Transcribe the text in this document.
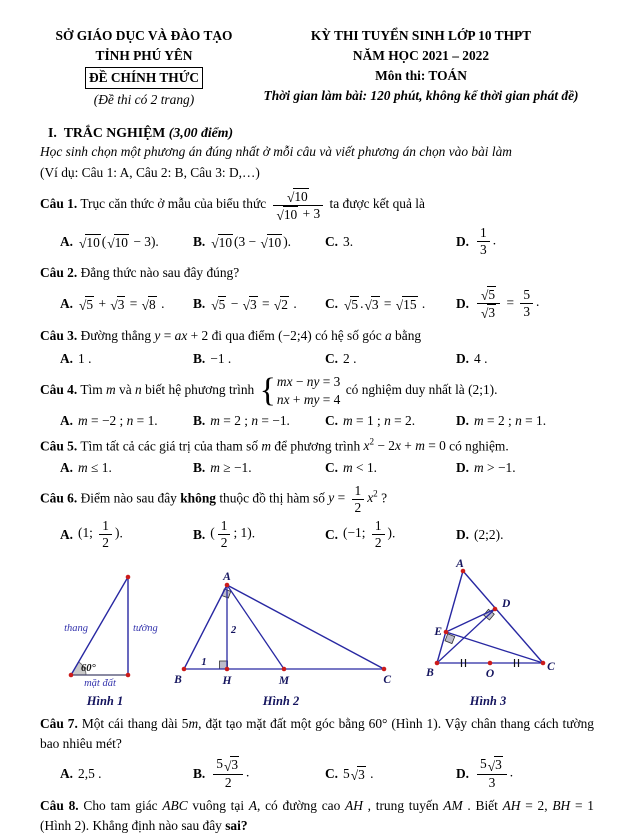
SỞ GIÁO DỤC VÀ ĐÀO TẠO
TỈNH PHÚ YÊN
ĐỀ CHÍNH THỨC
(Đề thi có 2 trang)
KỲ THI TUYỂN SINH LỚP 10 THPT
NĂM HỌC 2021 – 2022
Môn thi: TOÁN
Thời gian làm bài: 120 phút, không kể thời gian phát đề)
I. TRẮC NGHIỆM (3,00 điểm)
Học sinh chọn một phương án đúng nhất ở mỗi câu và viết phương án chọn vào bài làm
(Ví dụ: Câu 1: A, Câu 2: B, Câu 3: D,…)
Câu 1. Trục căn thức ở mẫu của biểu thức $\frac{√ 10}{√ 10 + 3}$ ta được kết quả là
A. √ 10 ( √ 10 − 3).	B. √ 10 (3 − √ 10 ).	C. 3.	D. $\frac{1}{3}$ .
Câu 2. Đẳng thức nào sau đây đúng?
A. √ 5 + √ 3 = √ 8 . B. √ 5 − √ 3 = √ 2 . C. √ 5 . √ 3 = √ 15 . D. $\frac{√ 5}{√ 3} = \frac{5}{3}$ .
Câu 3. Đường thẳng y = ax + 2 đi qua điểm (−2;4) có hệ số góc a bằng
A. 1 .	B. −1 .	C. 2 .	D. 4 .
Câu 4. Tìm m và n biết hệ phương trình { mx − ny = 3
nx + my = 4
có nghiệm duy nhất là (2;1).
A. m = −2 ; n = 1.	B. m = 2 ; n = −1.	C. m = 1 ; n = 2.	D. m = 2 ; n = 1.
Câu 5. Tìm tất cả các giá trị của tham số m để phương trình $x^2 - 2x + m = 0$ có nghiệm.
A. m ≤ 1.	B. m ≥ −1.	C. m < 1.	D. m > −1.
Câu 6. Điểm nào sau đây không thuộc đồ thị hàm số $y = \frac{1}{2} x^2$ ?
A. (1; $\frac{1}{2}$ ).	B. ( $\frac{1}{2}$ ; 1).	C. (−1; $\frac{1}{2}$ ).	D. (2;2).
thang	tường
mặt đất
60°
Hình 1
A
B	H	M	C
1
2
Hình 2
A
B	C
D
E
O
Hình 3
Câu 7. Một cái thang dài 5m, đặt tạo mặt đất một góc bằng 60° (Hình 1). Vậy chân thang cách tường bao nhiêu mét?
A. 2,5 .	B. $\frac{5 √ 3}{2}$ .	C. 5 √ 3 .	D. $\frac{5 √ 3}{3}$ .
Câu 8. Cho tam giác ABC vuông tại A, có đường cao AH , trung tuyến AM . Biết AH = 2, BH = 1 (Hình 2). Khẳng định nào sau đây sai?
